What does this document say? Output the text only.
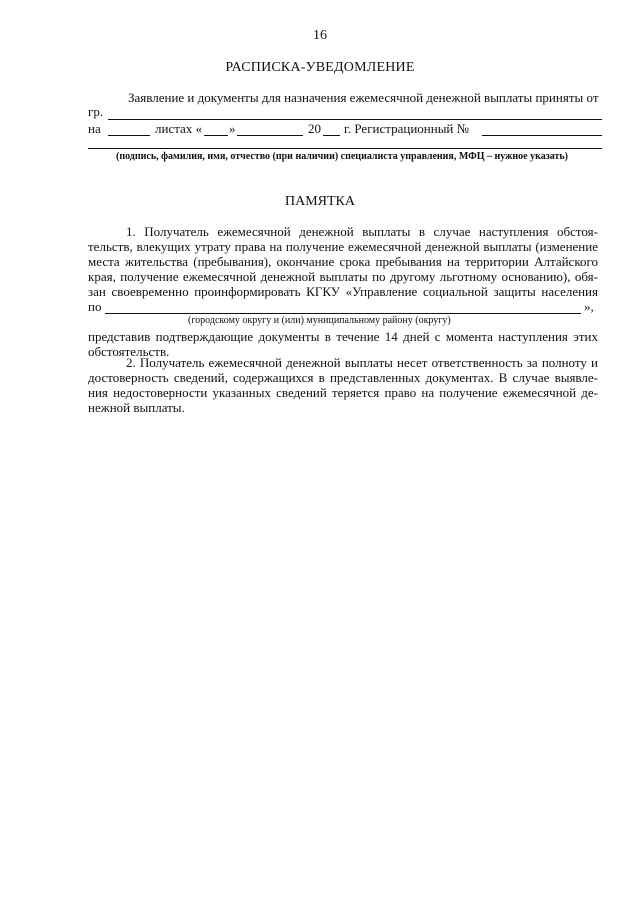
16
РАСПИСКА-УВЕДОМЛЕНИЕ
Заявление и документы для назначения ежемесячной денежной выплаты приняты от
гр.
на	листах « »	20 г. Регистрационный №
(подпись, фамилия, имя, отчество (при наличии) специалиста управления, МФЦ – нужное указать)
ПАМЯТКА
1. Получатель ежемесячной денежной выплаты в случае наступления обстоя-
тельств, влекущих утрату права на получение ежемесячной денежной выплаты (изменение
места жительства (пребывания), окончание срока пребывания на территории Алтайского
края, получение ежемесячной денежной выплаты по другому льготному основанию), обя-
зан своевременно проинформировать КГКУ «Управление социальной защиты населения
по	»,
(городскому округу и (или) муниципальному району (округу)
представив подтверждающие документы в течение 14 дней с момента наступления этих
обстоятельств.
2. Получатель ежемесячной денежной выплаты несет ответственность за полноту и
достоверность сведений, содержащихся в представленных документах. В случае выявле-
ния недостоверности указанных сведений теряется право на получение ежемесячной де-
нежной выплаты.
